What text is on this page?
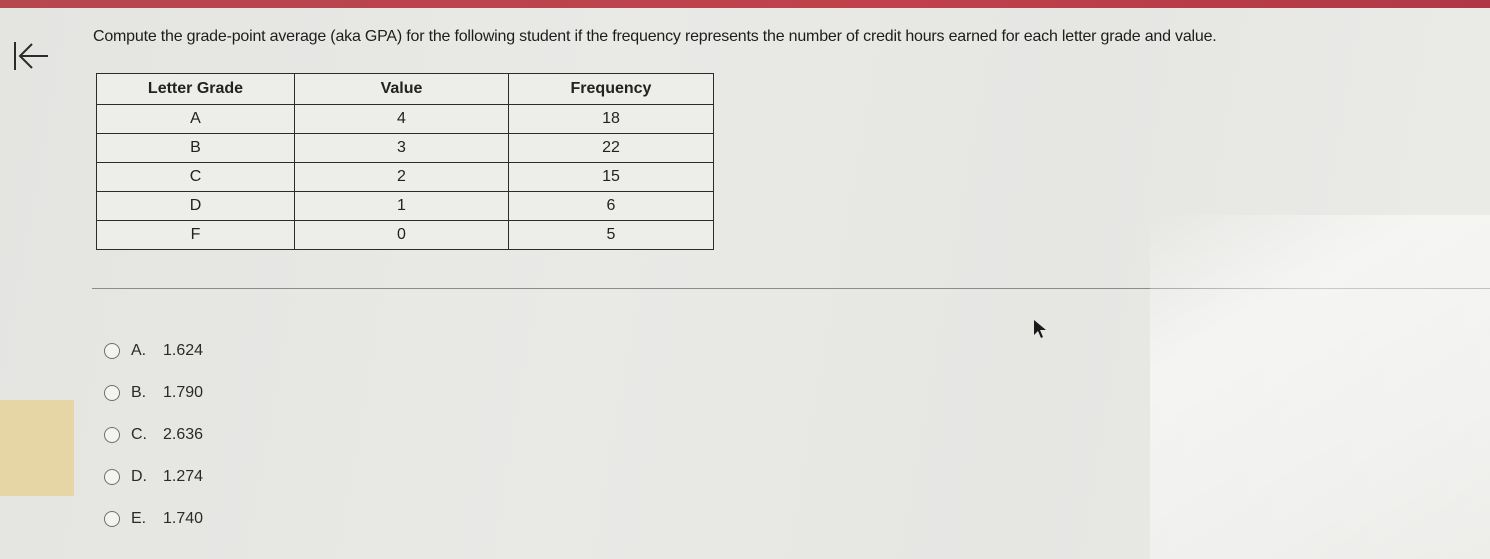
Compute the grade-point average (aka GPA) for the following student if the frequency represents the number of credit hours earned for each letter grade and value.
Letter Grade	Value	Frequency
A	4	18
B	3	22
C	2	15
D	1	6
F	0	5
A.	1.624
B.	1.790
C.	2.636
D.	1.274
E.	1.740
